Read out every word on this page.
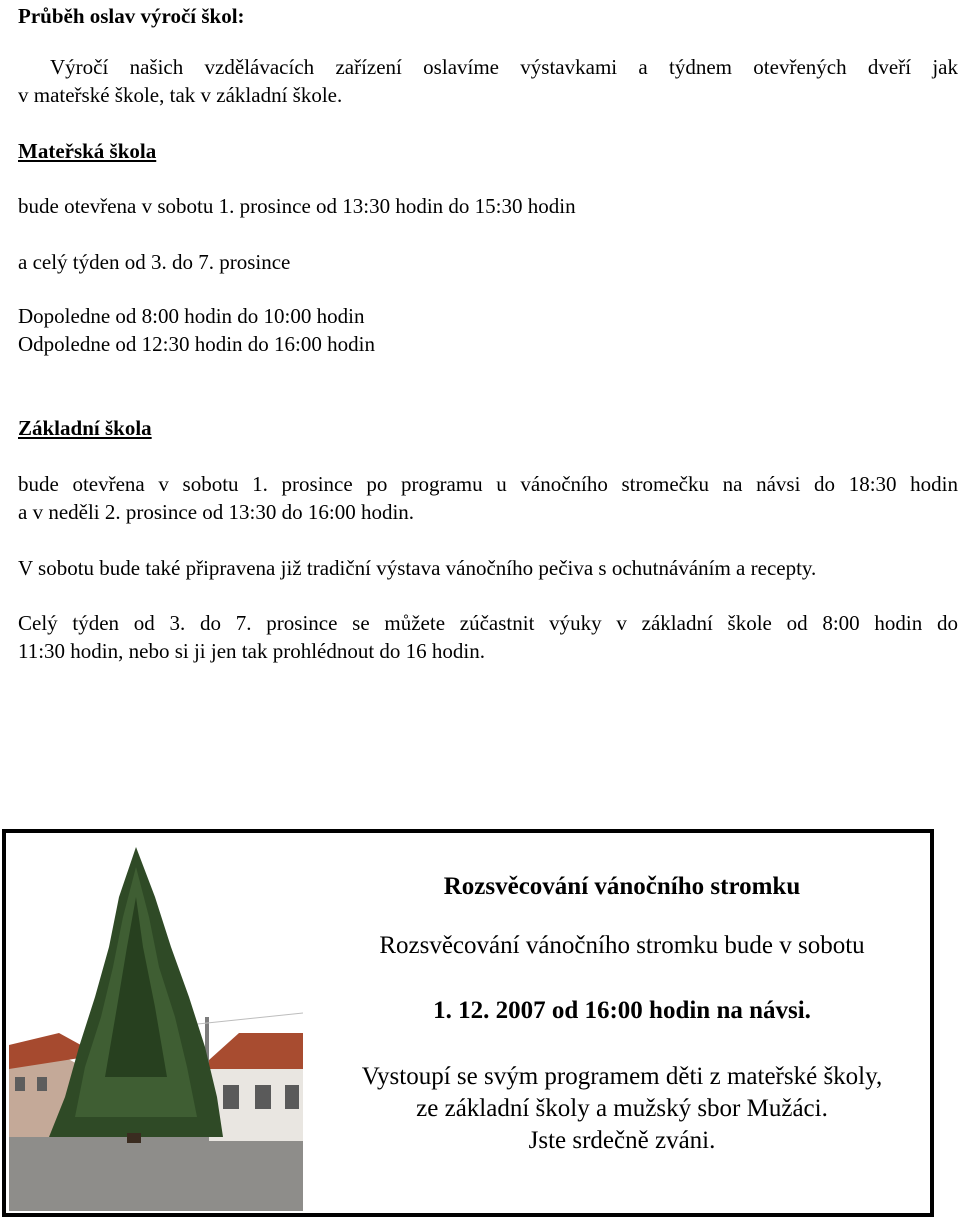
Průběh oslav výročí škol:

Výročí našich vzdělávacích zařízení oslavíme výstavkami a týdnem otevřených dveří jak

v mateřské škole, tak v základní škole.

Mateřská škola

bude otevřena v sobotu 1. prosince od 13:30 hodin do 15:30 hodin

a celý týden od 3. do 7. prosince

Dopoledne od 8:00 hodin do 10:00 hodin

Odpoledne od 12:30 hodin do 16:00 hodin

Základní škola

bude otevřena v sobotu 1. prosince po programu u vánočního stromečku na návsi do 18:30 hodin

a v neděli 2. prosince od 13:30 do 16:00 hodin.

V sobotu bude také připravena již tradiční výstava vánočního pečiva s ochutnáváním a recepty.

Celý týden od 3. do 7. prosince se můžete zúčastnit výuky v základní škole od 8:00 hodin do

11:30 hodin, nebo si ji jen tak prohlédnout do 16 hodin.

Rozsvěcování vánočního stromku
Rozsvěcování vánočního stromku bude v sobotu
1. 12. 2007 od 16:00 hodin na návsi.
Vystoupí se svým programem děti z mateřské školy,
ze základní školy a mužský sbor Mužáci.
Jste srdečně zváni.
